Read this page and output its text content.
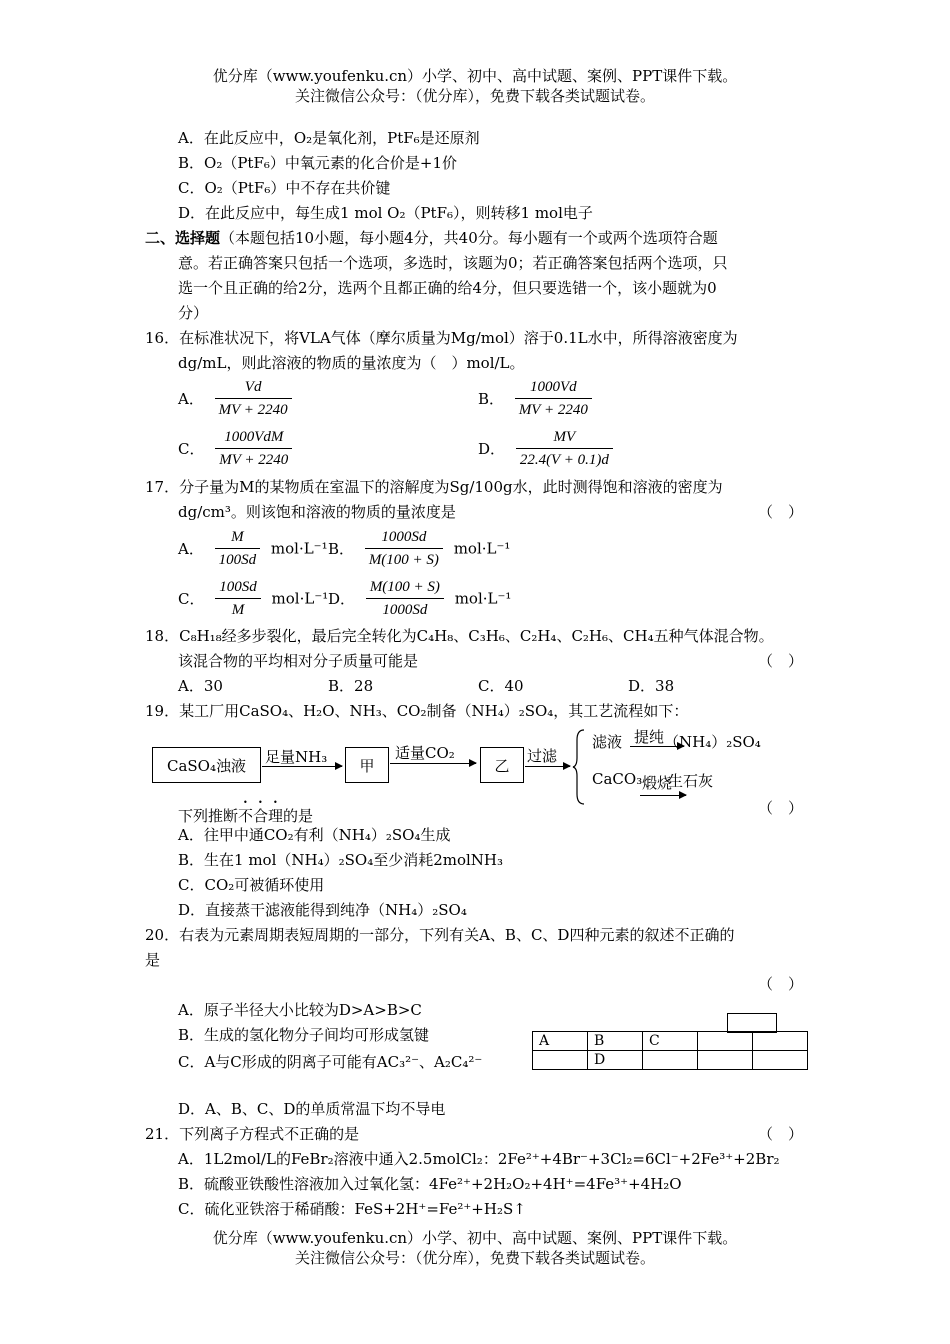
优分库（www.youfenku.cn）小学、初中、高中试题、案例、PPT课件下载。
关注微信公众号：（优分库），免费下载各类试题试卷。
A．在此反应中，O₂是氧化剂，PtF₆是还原剂
B．O₂（PtF₆）中氧元素的化合价是+1价
C．O₂（PtF₆）中不存在共价键
D．在此反应中，每生成1 mol O₂（PtF₆），则转移1 mol电子
二、选择题（本题包括10小题，每小题4分，共40分。每小题有一个或两个选项符合题
意。若正确答案只包括一个选项，多选时，该题为0；若正确答案包括两个选项，只
选一个且正确的给2分，选两个且都正确的给4分，但只要选错一个，该小题就为0
分）
16．在标准状况下，将VLA气体（摩尔质量为Mg/mol）溶于0.1L水中，所得溶液密度为
dg/mL，则此溶液的物质的量浓度为（　）mol/L。
A． $\frac{Vd}{MV + 2240}$	B． $\frac{1000Vd}{MV + 2240}$
C． $\frac{\text{1000VdM}}{MV + 2240}$	D． $\frac{MV}{22.4(V + 0.1)d}$
17．分子量为M的某物质在室温下的溶解度为Sg/100g水，此时测得饱和溶液的密度为
dg/cm³。则该饱和溶液的物质的量浓度是	（　）
A． $\frac{M}{100Sd} mol\cdot L^{-1}$ B． $\frac{1000Sd}{M(100 + S)} mol\cdot L^{-1}$
C． $\frac{100Sd}{M} mol\cdot L^{-1}$ D． $\frac{M(100 + S)}{1000Sd} mol\cdot L^{-1}$
18．C₈H₁₈经多步裂化，最后完全转化为C₄H₈、C₃H₆、C₂H₄、C₂H₆、CH₄五种气体混合物。
该混合物的平均相对分子质量可能是	（　）
A．30	B．28	C．40	D．38
19．某工厂用CaSO₄、H₂O、NH₃、CO₂制备（NH₄）₂SO₄，其工艺流程如下：
CaSO₄浊液	足量NH₃	甲
适量CO₂
乙
过滤
滤液 提纯 （NH₄）₂SO₄
CaCO₃ 煅烧
生石灰
下列推断不合理的是	（　）
A．往甲中通CO₂有利（NH₄）₂SO₄生成
B．生在1 mol（NH₄）₂SO₄至少消耗2molNH₃
C．CO₂可被循环使用
D．直接蒸干滤液能得到纯净（NH₄）₂SO₄
20．右表为元素周期表短周期的一部分，下列有关A、B、C、D四种元素的叙述不正确的
是
（　）
A．原子半径大小比较为D>A>B>C
B．生成的氢化物分子间均可形成氢键
C．A与C形成的阴离子可能有AC₃²⁻、A₂C₄²⁻
D．A、B、C、D的单质常温下均不导电
A	B	C		
	D			
21．下列离子方程式不正确的是	（　）
A．1L2mol/L的FeBr₂溶液中通入2.5molCl₂：2Fe²⁺+4Br⁻+3Cl₂=6Cl⁻+2Fe³⁺+2Br₂
B．硫酸亚铁酸性溶液加入过氧化氢：4Fe²⁺+2H₂O₂+4H⁺=4Fe³⁺+4H₂O
C．硫化亚铁溶于稀硝酸：FeS+2H⁺=Fe²⁺+H₂S↑
优分库（www.youfenku.cn）小学、初中、高中试题、案例、PPT课件下载。
关注微信公众号：（优分库），免费下载各类试题试卷。
